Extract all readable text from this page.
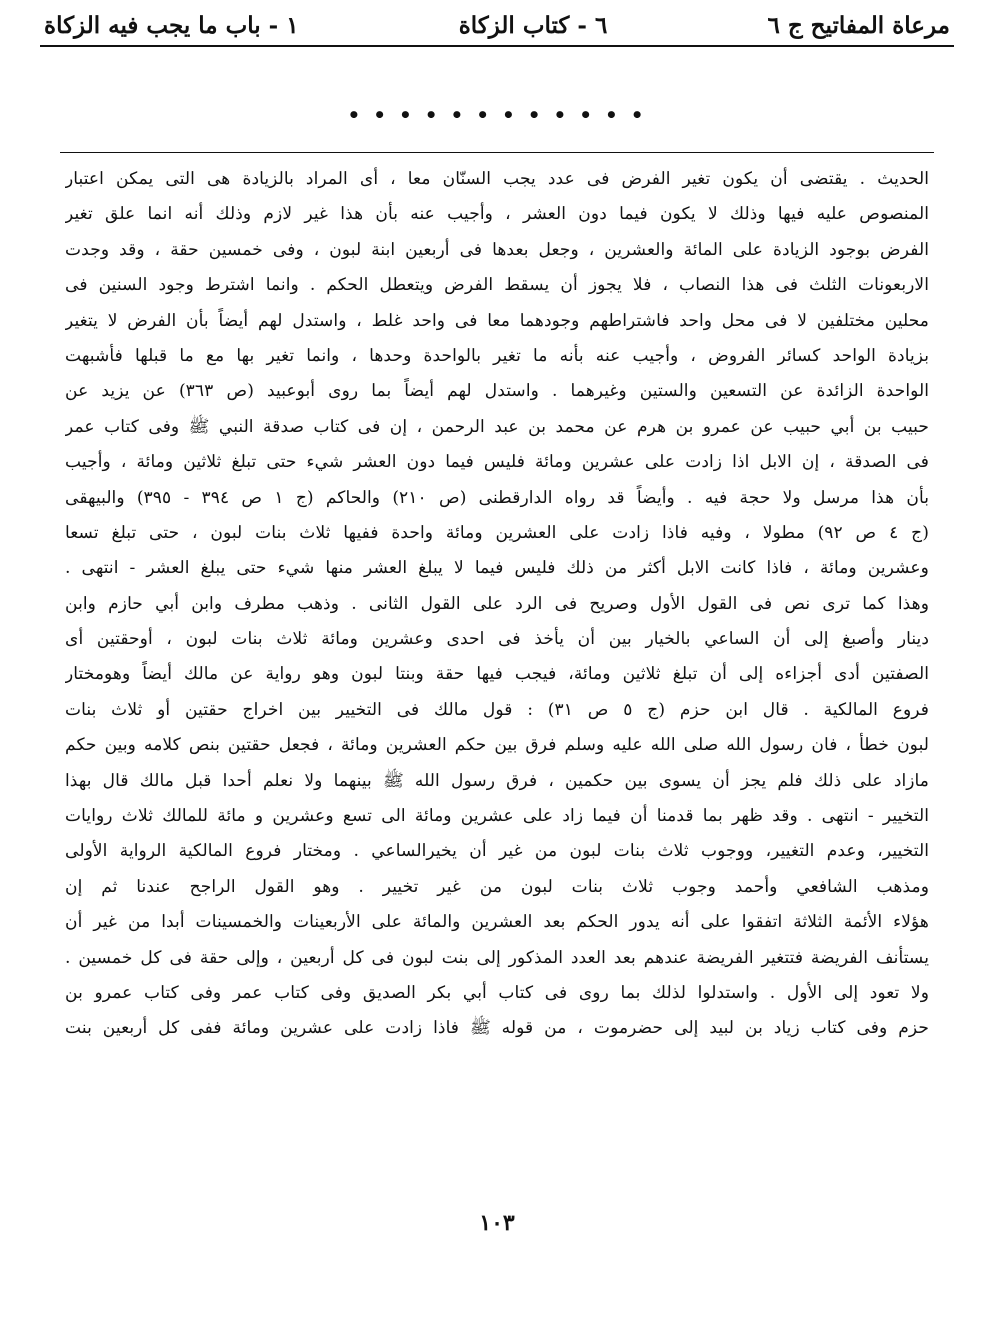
مرعاة المفاتيح ج ٦
٦ - كتاب الزكاة
١ - باب ما يجب فيه الزكاة
• • • • • • • • • • • •
الحديث . يقتضى أن يكون تغير الفرض فى عدد يجب السنّان معا ، أى المراد بالزيادة هى التى يمكن اعتبار
المنصوص عليه فيها وذلك لا يكون فيما دون العشر ، وأجيب عنه بأن هذا غير لازم وذلك أنه انما علق تغير
الفرض بوجود الزيادة على المائة والعشرين ، وجعل بعدها فى أربعين ابنة لبون ، وفى خمسين حقة ، وقد وجدت
الاربعونات الثلث فى هذا النصاب ، فلا يجوز أن يسقط الفرض ويتعطل الحكم . وانما اشترط وجود السنين فى
محلين مختلفين لا فى محل واحد فاشتراطهم وجودهما معا فى واحد غلط ، واستدل لهم أيضاً بأن الفرض لا يتغير
بزيادة الواحد كسائر الفروض ، وأجيب عنه بأنه ما تغير بالواحدة وحدها ، وانما تغير بها مع ما قبلها فأشبهت
الواحدة الزائدة عن التسعين والستين وغيرهما . واستدل لهم أيضاً بما روى أبوعبيد (ص ٣٦٣) عن يزيد عن
حبيب بن أبي حبيب عن عمرو بن هرم عن محمد بن عبد الرحمن ، إن فى كتاب صدقة النبي ﷺ وفى كتاب عمر
فى الصدقة ، إن الابل اذا زادت على عشرين ومائة فليس فيما دون العشر شيء حتى تبلغ ثلاثين ومائة ، وأجيب
بأن هذا مرسل ولا حجة فيه . وأيضاً قد رواه الدارقطنى (ص ٢١٠) والحاكم (ج ١ ص ٣٩٤ - ٣٩٥) والبيهقى
(ج ٤ ص ٩٢) مطولا ، وفيه فاذا زادت على العشرين ومائة واحدة ففيها ثلاث بنات لبون ، حتى تبلغ تسعا
وعشرين ومائة ، فاذا كانت الابل أكثر من ذلك فليس فيما لا يبلغ العشر منها شيء حتى يبلغ العشر - انتهى .
وهذا كما ترى نص فى القول الأول وصريح فى الرد على القول الثانى . وذهب مطرف وابن أبي حازم وابن
دينار وأصبغ إلى أن الساعي بالخيار بين أن يأخذ فى احدى وعشرين ومائة ثلاث بنات لبون ، أوحقتين أى
الصفتين أدى أجزاءه إلى أن تبلغ ثلاثين ومائة، فيجب فيها حقة وبنتا لبون وهو رواية عن مالك أيضاً وهومختار
فروع المالكية . قال ابن حزم (ج ٥ ص ٣١) : قول مالك فى التخيير بين اخراج حقتين أو ثلاث بنات
لبون خطأ ، فان رسول الله صلى الله عليه وسلم فرق بين حكم العشرين ومائة ، فجعل حقتين بنص كلامه وبين حكم
مازاد على ذلك فلم يجز أن يسوى بين حكمين ، فرق رسول الله ﷺ بينهما ولا نعلم أحدا قبل مالك قال بهذا
التخيير - انتهى . وقد ظهر بما قدمنا أن فيما زاد على عشرين ومائة الى تسع وعشرين و مائة للمالك ثلاث روايات
التخيير، وعدم التغيير، ووجوب ثلاث بنات لبون من غير أن يخيرالساعي . ومختار فروع المالكية الرواية الأولى
ومذهب الشافعي وأحمد وجوب ثلاث بنات لبون من غير تخيير . وهو القول الراجح عندنا ثم إن
هؤلاء الأئمة الثلاثة اتفقوا على أنه يدور الحكم بعد العشرين والمائة على الأربعينات والخمسينات أبدا من غير أن
يستأنف الفريضة فتتغير الفريضة عندهم بعد العدد المذكور إلى بنت لبون فى كل أربعين ، وإلى حقة فى كل خمسين .
ولا تعود إلى الأول . واستدلوا لذلك بما روى فى كتاب أبي بكر الصديق وفى كتاب عمر وفى كتاب عمرو بن
حزم وفى كتاب زياد بن لبيد إلى حضرموت ، من قوله ﷺ فاذا زادت على عشرين ومائة ففى كل أربعين بنت
١٠٣
